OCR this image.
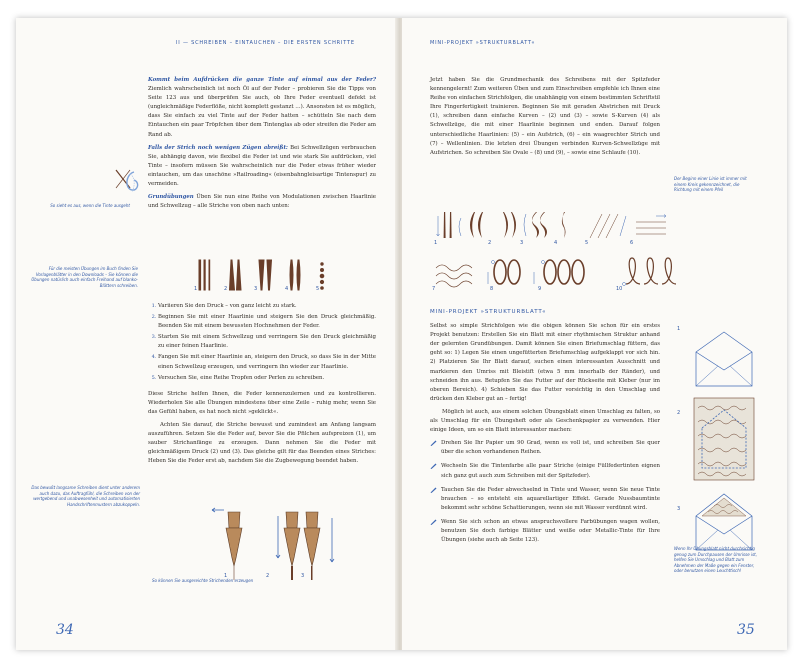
II — SCHREIBEN – EINTAUCHEN – DIE ERSTEN SCHRITTE

Kommt beim Aufdrücken die ganze Tinte auf einmal aus der Feder? Ziemlich wahrscheinlich ist noch Öl auf der Feder – probieren Sie die Tipps von Seite 123 aus und überprüfen Sie auch, ob Ihre Feder eventuell defekt ist (ungleichmäßige Federflöße, nicht komplett gestanzt …). Ansonsten ist es möglich, dass Sie einfach zu viel Tinte auf der Feder hatten – schütteln Sie nach dem Eintauchen ein paar Tröpfchen über dem Tintenglas ab oder streifen die Feder am Rand ab.

Falls der Strich noch wenigen Zügen abreißt: Bei Schwellzügen verbrauchen Sie, abhängig davon, wie flexibel die Feder ist und wie stark Sie aufdrücken, viel Tinte – insofern müssen Sie wahrscheinlich nur die Feder etwas früher wieder eintauchen, um das unschöne »Railroading« (eisenbahngleisartige Tintenspur) zu vermeiden.

Grundübungen Üben Sie nun eine Reihe von Modulationen zwischen Haarlinie und Schwellzug – alle Striche von oben nach unten:

So sieht es aus, wenn die Tinte ausgeht
Für die meisten Übungen im Buch finden Sie Vorlagenblätter in den Downloads – Sie können die Übungen natürlich auch einfach Freihand auf blanko-Blättern schreiben.
1	2	3	4	5
1. Variieren Sie den Druck – von ganz leicht zu stark.
2. Beginnen Sie mit einer Haarlinie und steigern Sie den Druck gleichmäßig. Beenden Sie mit einem bewussten Hochnehmen der Feder.
3. Starten Sie mit einem Schwellzug und verringern Sie den Druck gleichmäßig zu einer feinen Haarlinie.
4. Fangen Sie mit einer Haarlinie an, steigern den Druck, so dass Sie in der Mitte einen Schwellzug erzeugen, und verringern ihn wieder zur Haarlinie.
5. Versuchen Sie, eine Reihe Tropfen oder Perlen zu schreiben.

Diese Striche helfen Ihnen, die Feder kennenzulernen und zu kontrollieren. Wiederholen Sie alle Übungen mindestens über eine Zeile – ruhig mehr, wenn Sie das Gefühl haben, es hat noch nicht »geklickt«.

Achten Sie darauf, die Striche bewusst und zumindest am Anfang langsam auszuführen. Setzen Sie die Feder auf, bevor Sie die Pfilchen aufspreizen (1), um sauber Strichanfänge zu erzeugen. Dann nehmen Sie die Feder mit gleichmäßigem Druck (2) und (3). Das gleiche gilt für das Beenden eines Striches: Heben Sie die Feder erst ab, nachdem Sie die Zugbewegung beendet haben.

Das bewußt langsame Schreiben dient unter anderem auch dazu, das Auftragfühl, die Schreiben von der wertgebend und unabwesenheit und automatisierten Handschriftenmustern abzukoppeln.
1	2	3
So können Sie ausgereichte Strichenden erzeugen
34
MINI-PROJEKT »STRUKTURBLATT«

Jetzt haben Sie die Grundmechanik des Schreibens mit der Spitzfeder kennengelernt! Zum weiteren Üben und zum Einschreiben empfehle ich Ihnen eine Reihe von einfachen Strichfolgen, die unabhängig von einem bestimmten Schriftstil Ihre Fingerfertigkeit trainieren. Beginnen Sie mit geraden Abstrichen mit Druck (1), schreiben dann einfache Kurven – (2) und (3) – sowie S-Kurven (4) als Schwellzüge, die mit einer Haarlinie beginnen und enden. Darauf folgen unterschiedliche Haarlinien: (5) – ein Aufstrich, (6) – ein waagrechter Strich und (7) – Wellenlinien. Die letzten drei Übungen verbinden Kurven-Schwellzüge mit Aufstrichen. So schreiben Sie Ovale – (8) und (9), – sowie eine Schlaufe (10).

Der Beginn einer Linie ist immer mit einem Kreis gekennzeichnet, die Richtung mit einem Pfeil
1	2	3	4	5	6
7	8	9	10
MINI-PROJEKT »STRUKTURBLATT«

Selbst so simple Strichfolgen wie die obigen können Sie schon für ein erstes Projekt benutzen: Erstellen Sie ein Blatt mit einer rhythmischen Struktur anhand der gelernten Grundübungen. Damit können Sie einen Briefumschlag füttern, das geht so: 1) Legen Sie einen ungefütterten Briefumschlag aufgeklappt vor sich hin. 2) Platzieren Sie Ihr Blatt darauf, suchen einen interessanten Ausschnitt und markieren den Umriss mit Bleistift (etwa 5 mm innerhalb der Ränder), und schneiden ihn aus. Betupfen Sie das Futter auf der Rückseite mit Kleber (nur im oberen Bereich). 4) Schieben Sie das Futter vorsichtig in den Umschlag und drücken den Kleber gut an – fertig!

Möglich ist auch, aus einem solchen Übungsblatt einen Umschlag zu falten, so als Umschlag für ein Übungsheft oder als Geschenkpapier zu verwenden. Hier einige Ideen, um so ein Blatt interessanter machen:

Drehen Sie Ihr Papier um 90 Grad, wenn es voll ist, und schreiben Sie quer über die schon vorhandenen Reihen.
Wechseln Sie die Tintenfarbe alle paar Striche (einige Füllfedertinten eignen sich ganz gut auch zum Schreiben mit der Spitzfeder).
Tauchen Sie die Feder abwechselnd in Tinte und Wasser, wenn Sie neue Tinte brauchen – so entsteht ein aquarellartiger Effekt. Gerade Nussbaumtinte bekommt sehr schöne Schattierungen, wenn sie mit Wasser verdünnt wird.
Wenn Sie sich schon an etwas anspruchsvollere Farbübungen wagen wollen, benutzen Sie doch farbige Blätter und weiße oder Metallic-Tinte für Ihre Übungen (siehe auch ab Seite 123).
1
2
3
Wenn Ihr Übungsblatt nicht durchsichtig genug zum Durchpausen der Umrisse ist, helfen Sie Umschlag und Blatt zum Abnehmen der Maße gegen ein Fenster, oder benutzen einen Leuchttisch!
35
